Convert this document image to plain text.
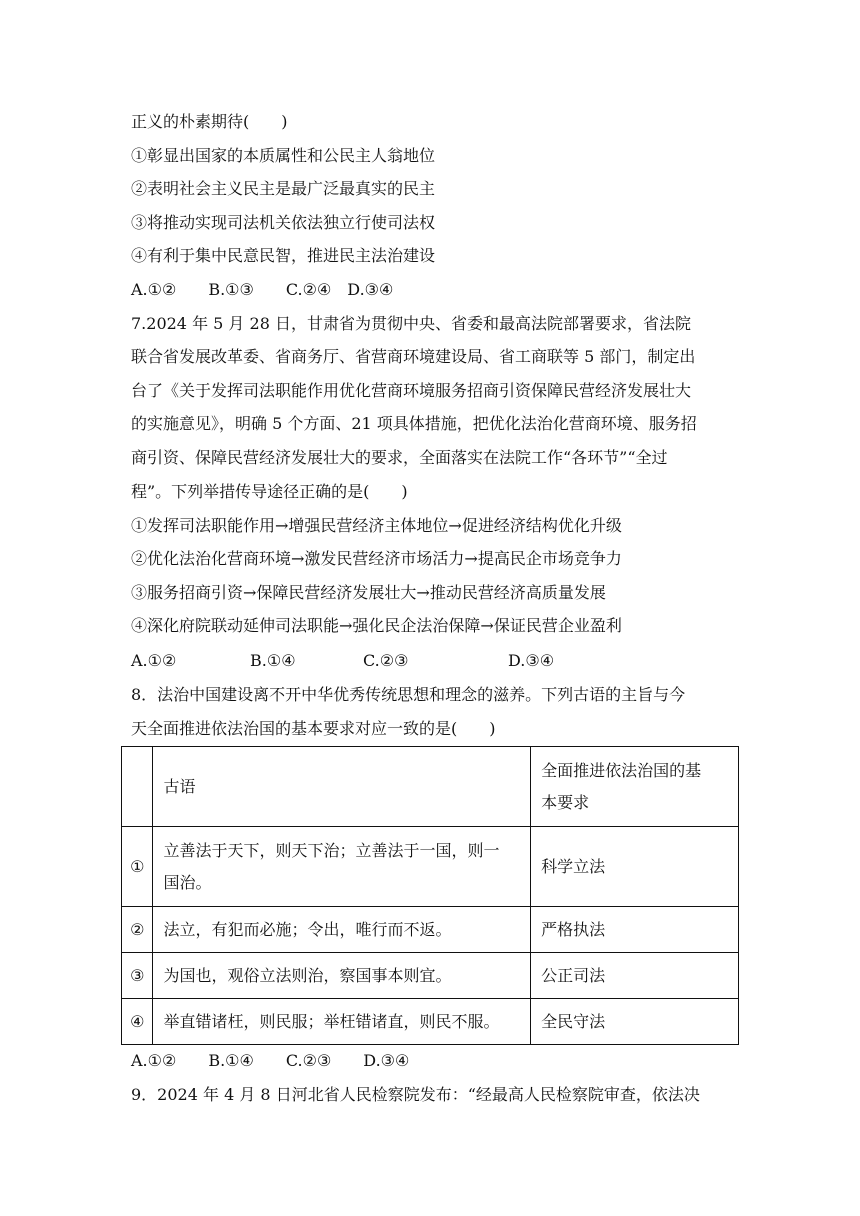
正义的朴素期待(　　)
①彰显出国家的本质属性和公民主人翁地位
②表明社会主义民主是最广泛最真实的民主
③将推动实现司法机关依法独立行使司法权
④有利于集中民意民智，推进民主法治建设
A.①②　　B.①③　　C.②④　D.③④
7.2024 年 5 月 28 日，甘肃省为贯彻中央、省委和最高法院部署要求，省法院
联合省发展改革委、省商务厅、省营商环境建设局、省工商联等 5 部门，制定出
台了《关于发挥司法职能作用优化营商环境服务招商引资保障民营经济发展壮大
的实施意见》，明确 5 个方面、21 项具体措施，把优化法治化营商环境、服务招
商引资、保障民营经济发展壮大的要求，全面落实在法院工作“各环节”“全过
程”。下列举措传导途径正确的是(　　)
①发挥司法职能作用→增强民营经济主体地位→促进经济结构优化升级
②优化法治化营商环境→激发民营经济市场活力→提高民企市场竞争力
③服务招商引资→保障民营经济发展壮大→推动民营经济高质量发展
④深化府院联动延伸司法职能→强化民企法治保障→保证民营企业盈利
A.①②	B.①④	C.②③	D.③④
8．法治中国建设离不开中华优秀传统思想和理念的滋养。下列古语的主旨与今
天全面推进依法治国的基本要求对应一致的是(　　)
	古语	全面推进依法治国的基
本要求

①	立善法于天下，则天下治；立善法于一国，则一
国治。	科学立法
②	法立，有犯而必施；令出，唯行而不返。	严格执法
③	为国也，观俗立法则治，察国事本则宜。	公正司法
④	举直错诸枉，则民服；举枉错诸直，则民不服。	全民守法
A.①②　　B.①④　　C.②③　　D.③④
9．2024 年 4 月 8 日河北省人民检察院发布：“经最高人民检察院审查，依法决
